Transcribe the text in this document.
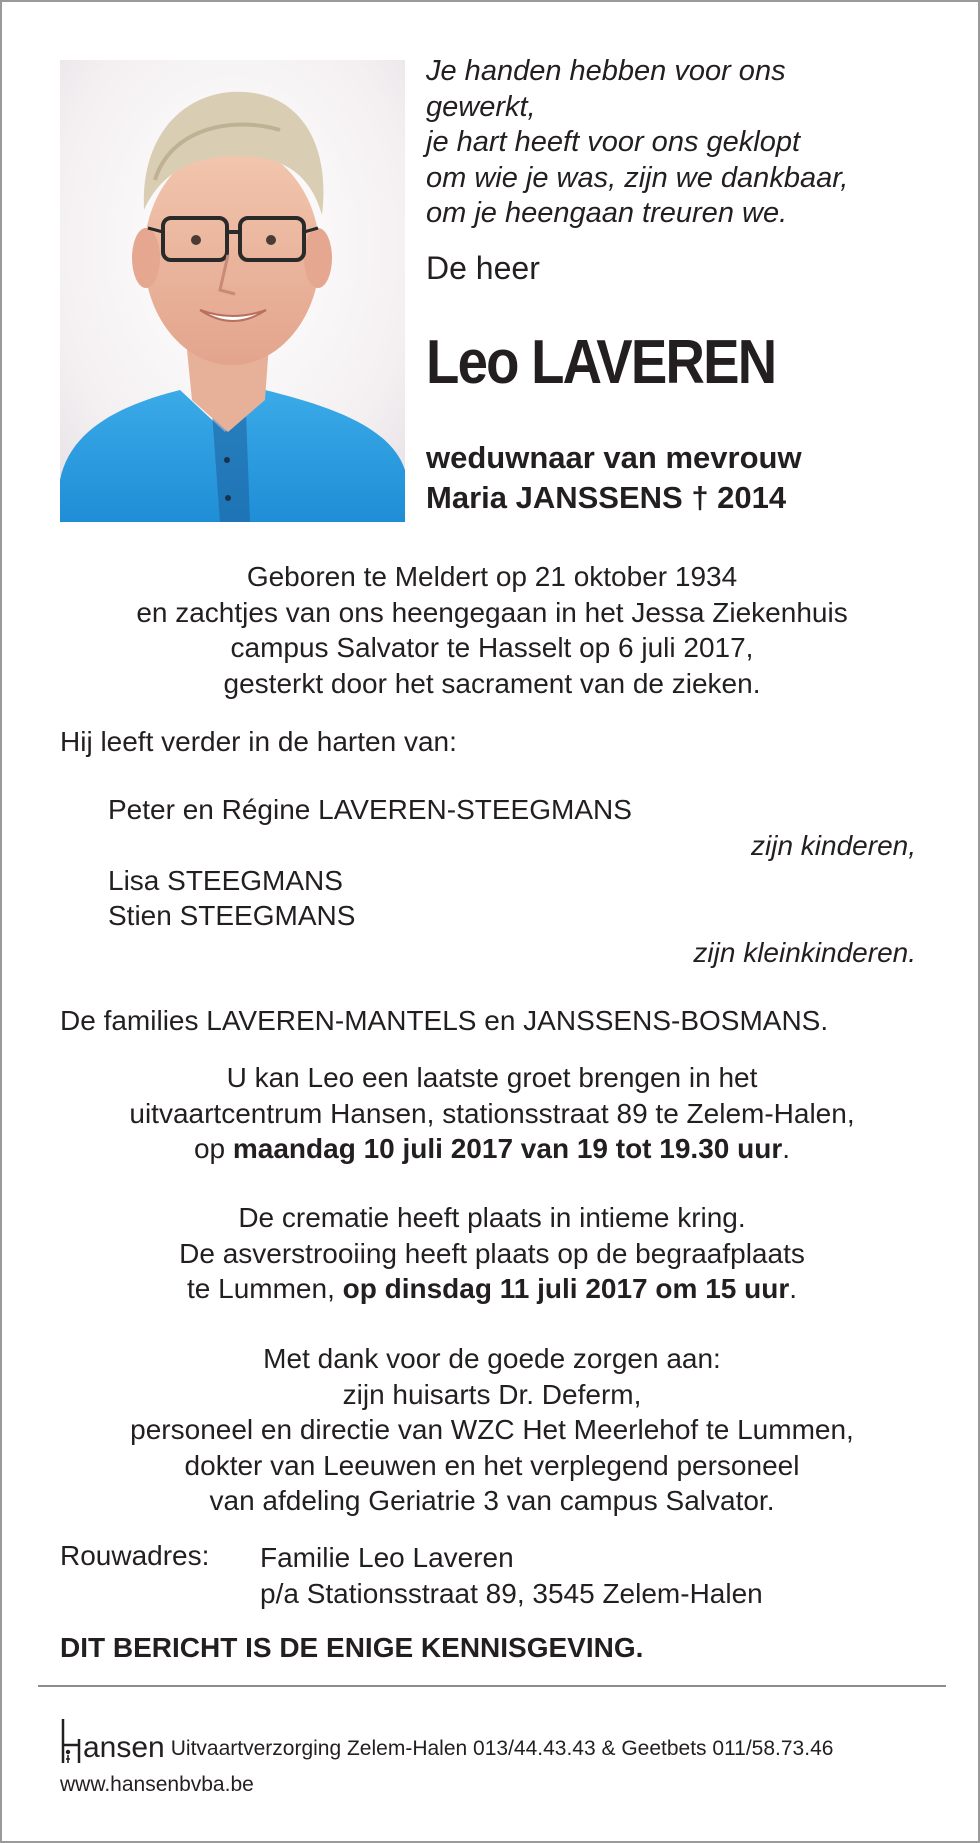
Je handen hebben voor ons
gewerkt,
je hart heeft voor ons geklopt
om wie je was, zijn we dankbaar,
om je heengaan treuren we.
De heer
Leo LAVEREN
weduwnaar van mevrouw
Maria JANSSENS † 2014
Geboren te Meldert op 21 oktober 1934
en zachtjes van ons heengegaan in het Jessa Ziekenhuis
campus Salvator te Hasselt op 6 juli 2017,
gesterkt door het sacrament van de zieken.
Hij leeft verder in de harten van:
Peter en Régine LAVEREN-STEEGMANS
zijn kinderen,
Lisa STEEGMANS
Stien STEEGMANS
zijn kleinkinderen.
De families LAVEREN-MANTELS en JANSSENS-BOSMANS.
U kan Leo een laatste groet brengen in het
uitvaartcentrum Hansen, stationsstraat 89 te Zelem-Halen,
op maandag 10 juli 2017 van 19 tot 19.30 uur.
De crematie heeft plaats in intieme kring.
De asverstrooiing heeft plaats op de begraafplaats
te Lummen, op dinsdag 11 juli 2017 om 15 uur.
Met dank voor de goede zorgen aan:
zijn huisarts Dr. Deferm,
personeel en directie van WZC Het Meerlehof te Lummen,
dokter van Leeuwen en het verplegend personeel
van afdeling Geriatrie 3 van campus Salvator.
Rouwadres: Familie Leo Laveren
p/a Stationsstraat 89, 3545 Zelem-Halen
DIT BERICHT IS DE ENIGE KENNISGEVING.
ansen Uitvaartverzorging Zelem-Halen 013/44.43.43 & Geetbets 011/58.73.46
www.hansenbvba.be
